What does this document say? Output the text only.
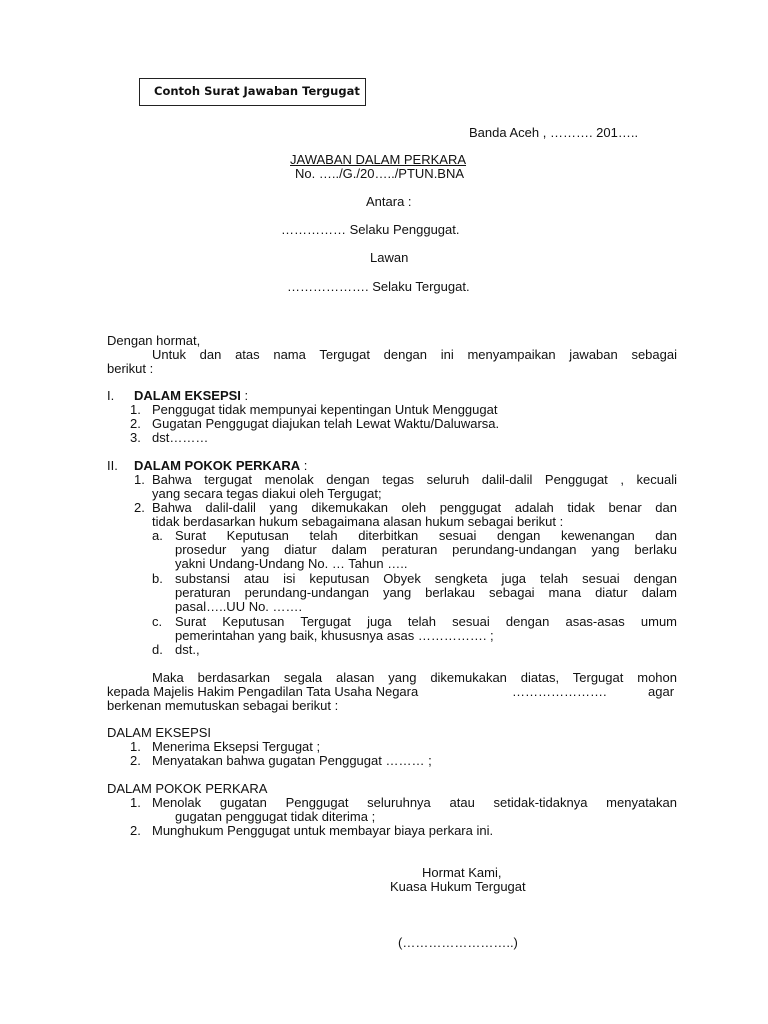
Contoh Surat Jawaban Tergugat
Banda Aceh , ………. 201…..
JAWABAN DALAM PERKARA
No. …../G./20…../PTUN.BNA
Antara :
…………… Selaku Penggugat.
Lawan
………………. Selaku Tergugat.
Dengan hormat,
Untuk dan atas nama Tergugat dengan ini menyampaikan jawaban sebagai
berikut :
I. DALAM EKSEPSI :
1. Penggugat tidak mempunyai kepentingan Untuk Menggugat
2. Gugatan Penggugat diajukan telah Lewat Waktu/Daluwarsa.
3. dst………
II. DALAM POKOK PERKARA :
1. Bahwa tergugat menolak dengan tegas seluruh dalil-dalil Penggugat , kecuali
yang secara tegas diakui oleh Tergugat;
2. Bahwa dalil-dalil yang dikemukakan oleh penggugat adalah tidak benar dan
tidak berdasarkan hukum sebagaimana alasan hukum sebagai berikut :
a. Surat Keputusan telah diterbitkan sesuai dengan kewenangan dan
prosedur yang diatur dalam peraturan perundang-undangan yang berlaku
yakni Undang-Undang No. … Tahun …..
b. substansi atau isi keputusan Obyek sengketa juga telah sesuai dengan
peraturan perundang-undangan yang berlakau sebagai mana diatur dalam
pasal…..UU No. …….
c. Surat Keputusan Tergugat juga telah sesuai dengan asas-asas umum
pemerintahan yang baik, khususnya asas ……………. ;
d. dst.,
Maka berdasarkan segala alasan yang dikemukakan diatas, Tergugat mohon
kepada Majelis Hakim Pengadilan Tata Usaha Negara	………………….	agar
berkenan memutuskan sebagai berikut :
DALAM EKSEPSI
1. Menerima Eksepsi Tergugat ;
2. Menyatakan bahwa gugatan Penggugat ……… ;
DALAM POKOK PERKARA
1. Menolak gugatan Penggugat seluruhnya atau setidak-tidaknya menyatakan
gugatan penggugat tidak diterima ;
2. Munghukum Penggugat untuk membayar biaya perkara ini.
Hormat Kami,
Kuasa Hukum Tergugat
(……………………..)
